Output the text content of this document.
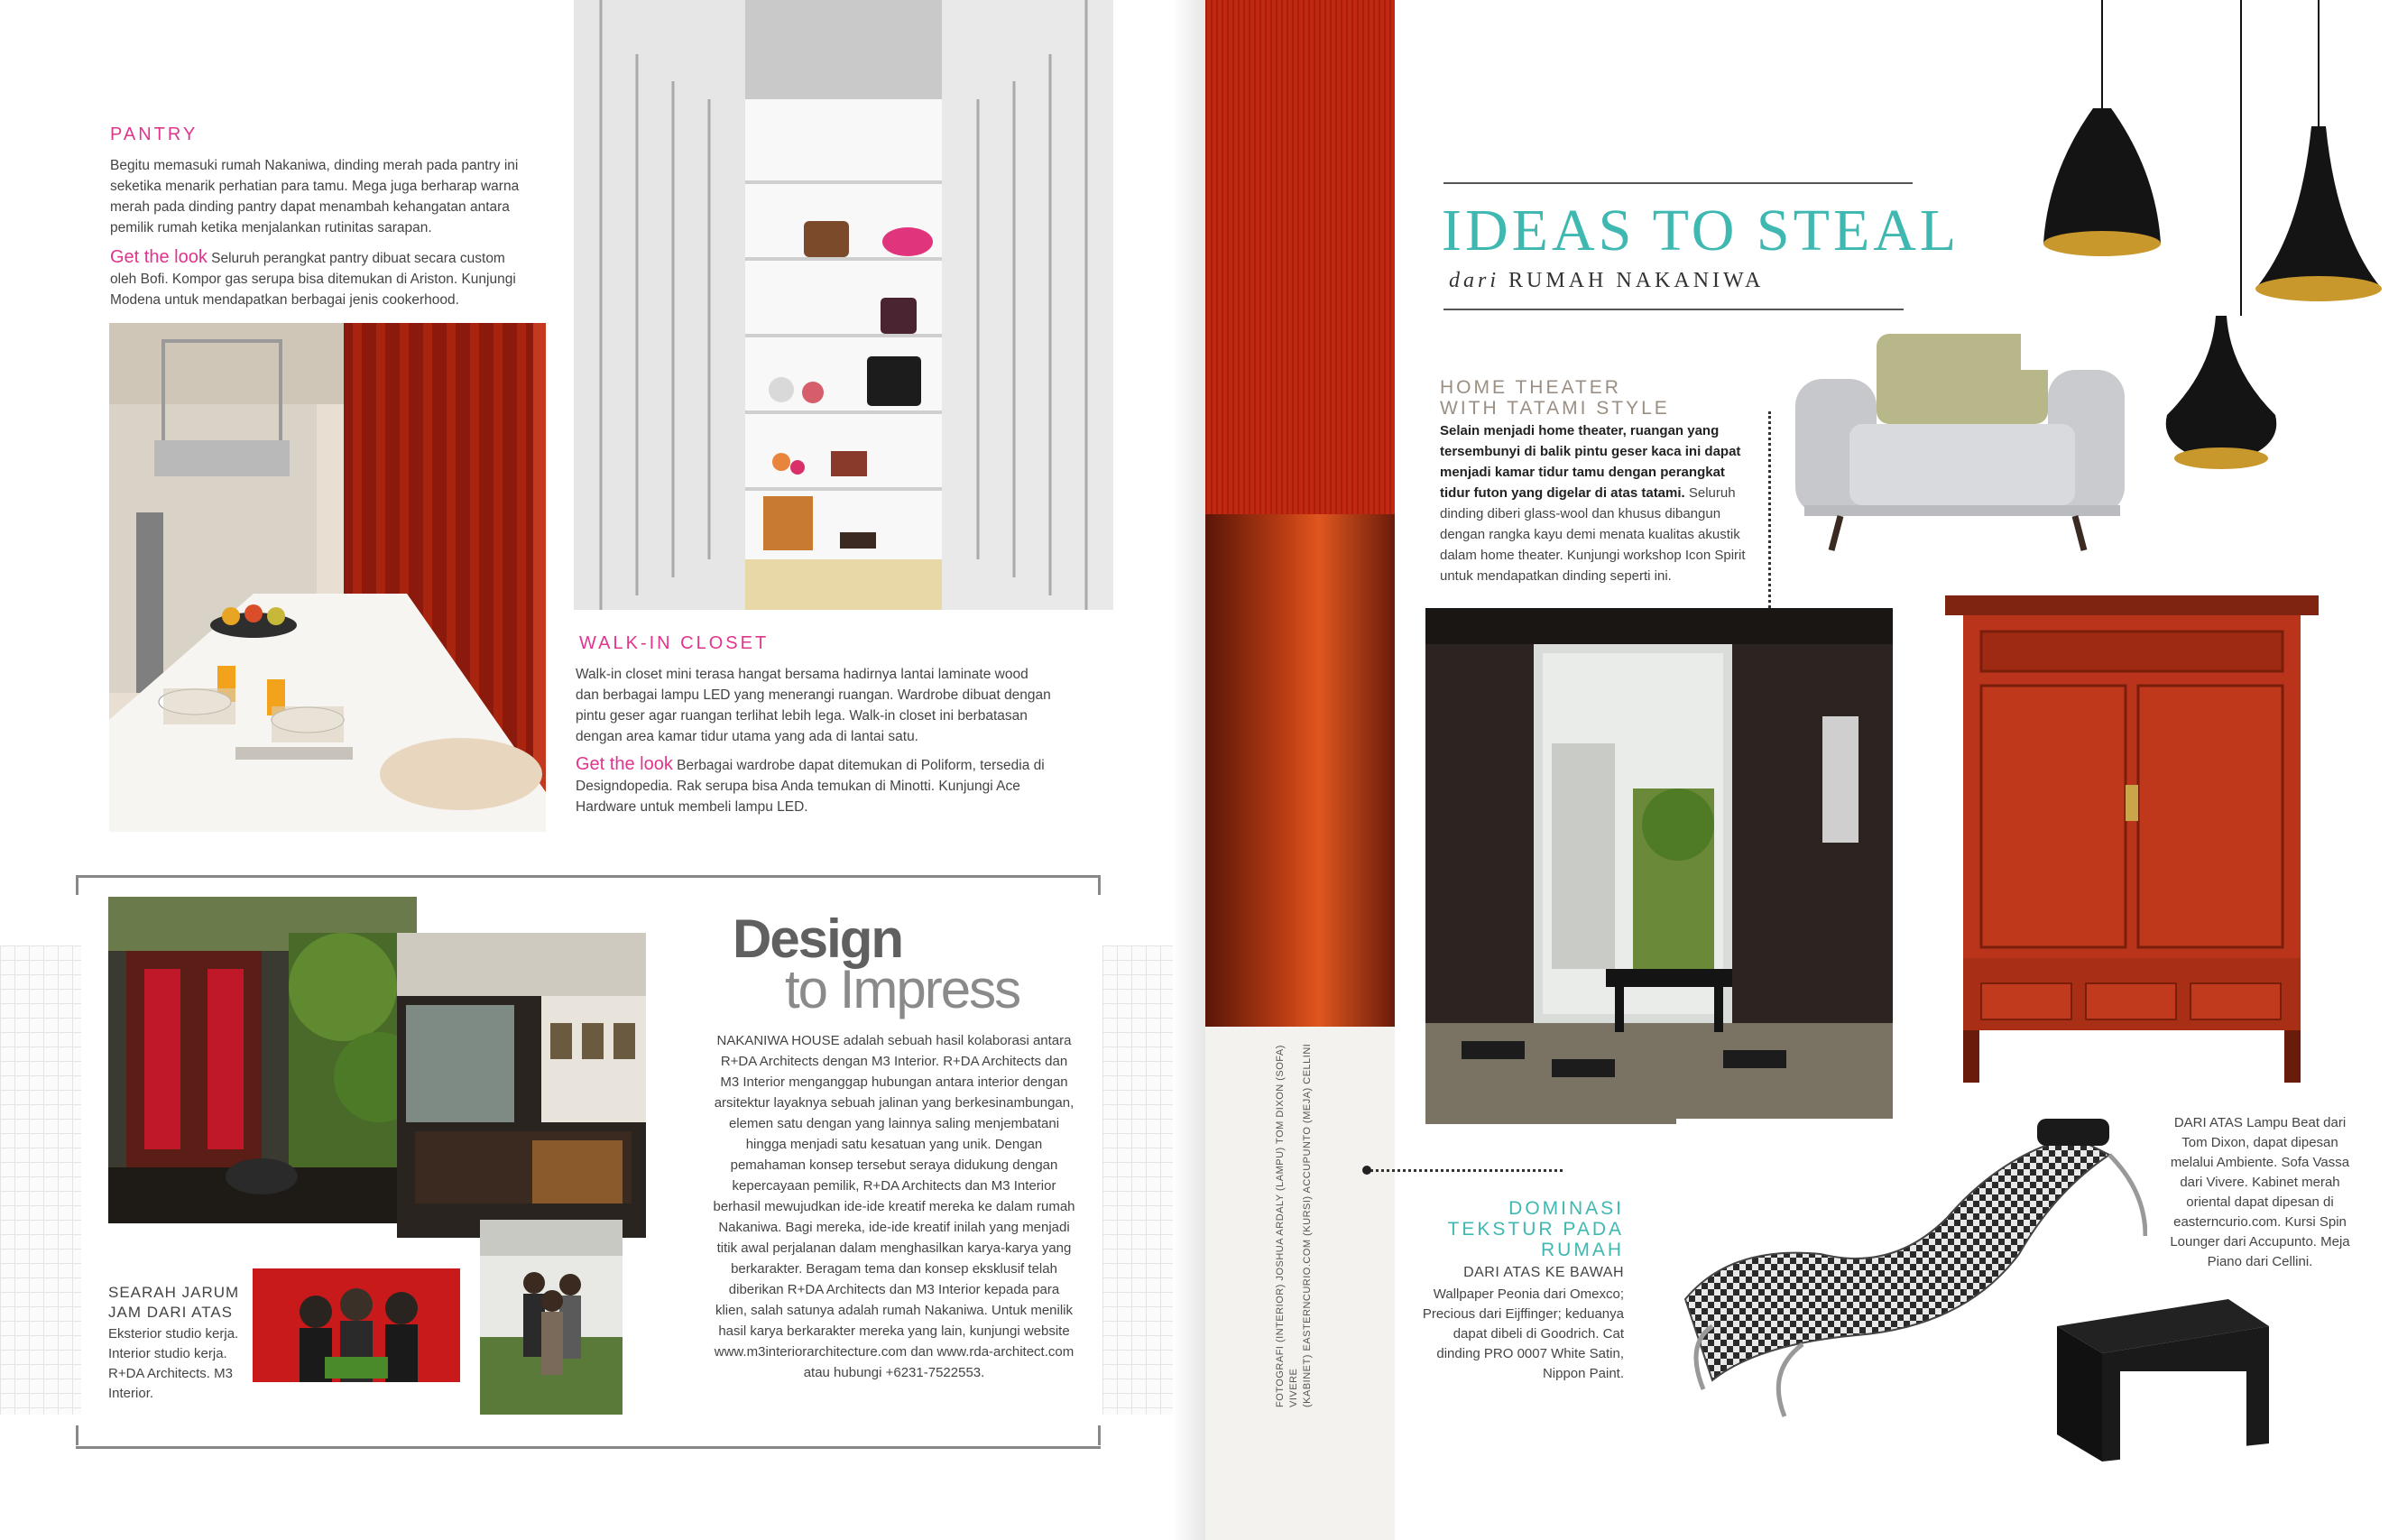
PANTRY
Begitu memasuki rumah Nakaniwa, dinding merah pada pantry ini seketika menarik perhatian para tamu. Mega juga berharap warna merah pada dinding pantry dapat menambah kehangatan antara pemilik rumah ketika menjalankan rutinitas sarapan.
Get the look Seluruh perangkat pantry dibuat secara custom oleh Bofi. Kompor gas serupa bisa ditemukan di Ariston. Kunjungi Modena untuk mendapatkan berbagai jenis cookerhood.
WALK-IN CLOSET
Walk-in closet mini terasa hangat bersama hadirnya lantai laminate wood dan berbagai lampu LED yang menerangi ruangan. Wardrobe dibuat dengan pintu geser agar ruangan terlihat lebih lega. Walk-in closet ini berbatasan dengan area kamar tidur utama yang ada di lantai satu.
Get the look Berbagai wardrobe dapat ditemukan di Poliform, tersedia di Designdopedia. Rak serupa bisa Anda temukan di Minotti. Kunjungi Ace Hardware untuk membeli lampu LED.
Design
to Impress
NAKANIWA HOUSE adalah sebuah hasil kolaborasi antara R+DA Architects dengan M3 Interior. R+DA Architects dan M3 Interior menganggap hubungan antara interior dengan arsitektur layaknya sebuah jalinan yang berkesinambungan, elemen satu dengan yang lainnya saling menjembatani hingga menjadi satu kesatuan yang unik. Dengan pemahaman konsep tersebut seraya didukung dengan kepercayaan pemilik, R+DA Architects dan M3 Interior berhasil mewujudkan ide-ide kreatif mereka ke dalam rumah Nakaniwa. Bagi mereka, ide-ide kreatif inilah yang menjadi titik awal perjalanan dalam menghasilkan karya-karya yang berkarakter. Beragam tema dan konsep eksklusif telah diberikan R+DA Architects dan M3 Interior kepada para klien, salah satunya adalah rumah Nakaniwa. Untuk menilik hasil karya berkarakter mereka yang lain, kunjungi website www.m3interiorarchitecture.com dan www.rda-architect.com atau hubungi +6231-7522553.
SEARAH JARUM JAM DARI ATAS
Eksterior studio kerja. Interior studio kerja. R+DA Architects. M3 Interior.	FOTOGRAFI (INTERIOR) JOSHUA ARDALY (LAMPU) TOM DIXON (SOFA) VIVERE (KABINET) EASTERNCURIO.COM (KURSI) ACCUPUNTO (MEJA) CELLINI
IDEAS TO STEAL
dari RUMAH NAKANIWA
HOME THEATER
WITH TATAMI STYLE
Selain menjadi home theater, ruangan yang tersembunyi di balik pintu geser kaca ini dapat menjadi kamar tidur tamu dengan perangkat tidur futon yang digelar di atas tatami. Seluruh dinding diberi glass-wool dan khusus dibangun dengan rangka kayu demi menata kualitas akustik dalam home theater. Kunjungi workshop Icon Spirit untuk mendapatkan dinding seperti ini.
DOMINASI
TEKSTUR PADA
RUMAH
DARI ATAS KE BAWAH
Wallpaper Peonia dari Omexco; Precious dari Eijffinger; keduanya dapat dibeli di Goodrich. Cat dinding PRO 0007 White Satin, Nippon Paint.
DARI ATAS Lampu Beat dari Tom Dixon, dapat dipesan melalui Ambiente. Sofa Vassa dari Vivere. Kabinet merah oriental dapat dipesan di easterncurio.com. Kursi Spin Lounger dari Accupunto. Meja Piano dari Cellini.
